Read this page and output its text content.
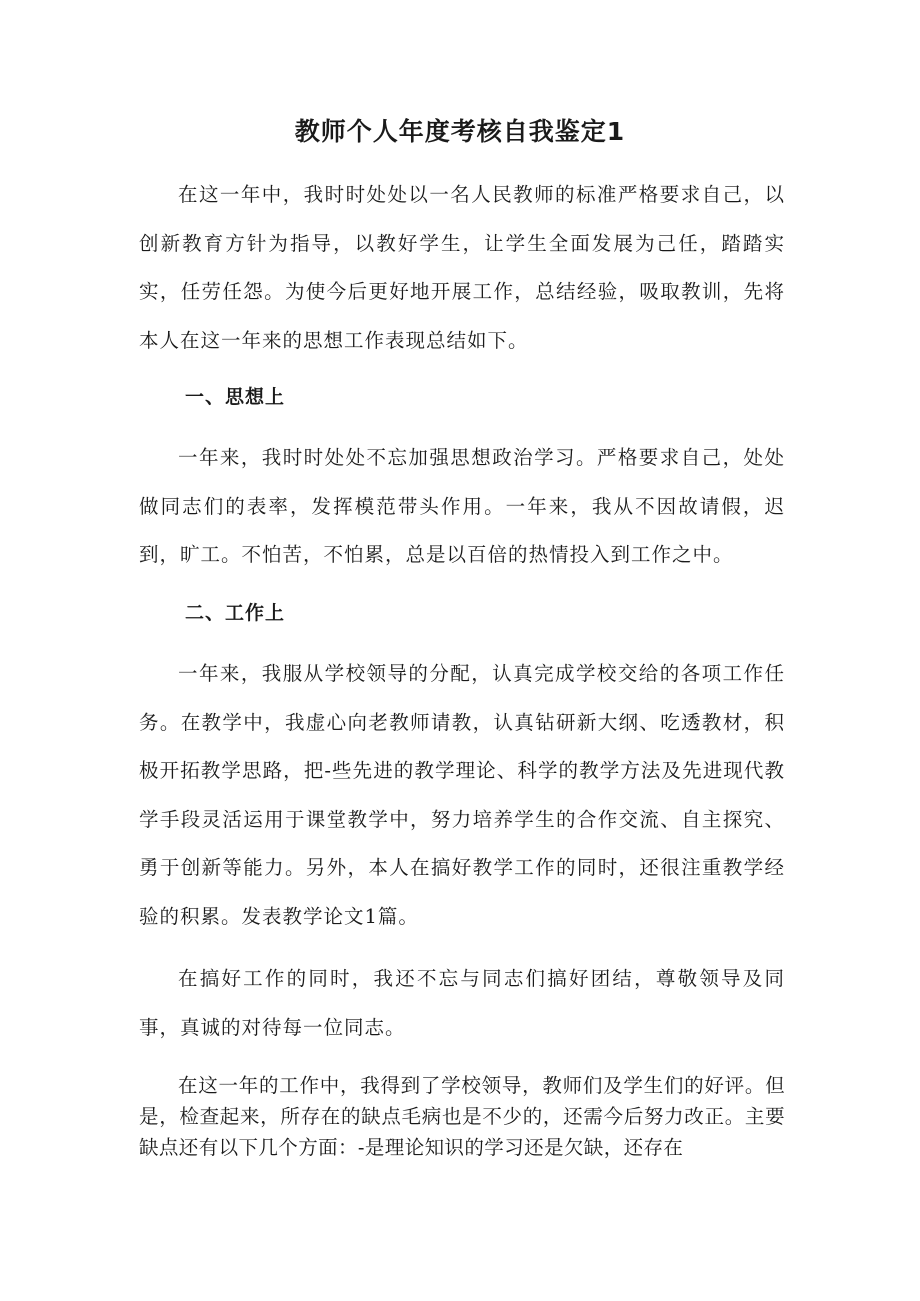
教师个人年度考核自我鉴定1

在这一年中，我时时处处以一名人民教师的标准严格要求自己，以创新教育方针为指导，以教好学生，让学生全面发展为己任，踏踏实实，任劳任怨。为使今后更好地开展工作，总结经验，吸取教训，先将本人在这一年来的思想工作表现总结如下。

一、思想上

一年来，我时时处处不忘加强思想政治学习。严格要求自己，处处做同志们的表率，发挥模范带头作用。一年来，我从不因故请假，迟到，旷工。不怕苦，不怕累，总是以百倍的热情投入到工作之中。

二、工作上

一年来，我服从学校领导的分配，认真完成学校交给的各项工作任务。在教学中，我虚心向老教师请教，认真钻研新大纲、吃透教材，积极开拓教学思路，把-些先进的教学理论、科学的教学方法及先进现代教学手段灵活运用于课堂教学中，努力培养学生的合作交流、自主探究、勇于创新等能力。另外，本人在搞好教学工作的同时，还很注重教学经验的积累。发表教学论文1篇。

在搞好工作的同时，我还不忘与同志们搞好团结，尊敬领导及同事，真诚的对待每一位同志。

在这一年的工作中，我得到了学校领导，教师们及学生们的好评。但是，检查起来，所存在的缺点毛病也是不少的，还需今后努力改正。主要缺点还有以下几个方面：-是理论知识的学习还是欠缺，还存在
